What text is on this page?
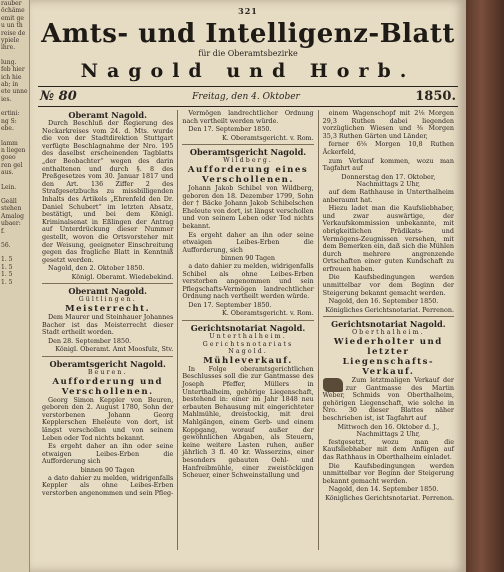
rauber
öchäme
emit ge
u un th
reise de
ypiele
ihre.
lung.
feb hier
ich hie
ab; in
ete unne
ies.
ertini:
ng S:
ebe.
lamm
n liegen
goeo
ren gel
aus.
Lein.
Geäll
stehen
Amalog
ubaer:
f.
56.
1. 5
1. 5
1. 5
1. 5
321
Amts- und Intelligenz-Blatt
für die Oberamtsbezirke
Nagold und Horb.
№ 80	Freitag, den 4. Oktober	1850.
Oberamt Nagold.

Durch Beschluß der Regierung des Neckarkreises vom 24. d. Mts. wurde die von der Stadtdirektion Stuttgart verfügte Beschlagnahme der Nro. 195 des daselbst erscheinenden Tagblatts „der Beobachter“ wegen des darin enthaltenen und durch §. 8 des Preßgesetzes vom 30. Januar 1817 und den Art. 136 Ziffer 2 des Strafgesetzbuchs zu missbilligenden Inhalts des Artikels „Ehrenfeld den Dr. Daniel Schubert“ im letzten Absatz, bestätigt, und bei dem Königl. Kriminalsenat in Eßlingen der Antrag auf Unterdrückung dieser Nummer gestellt, wovon die Ortsvorsteher mit der Weisung, geeigneter Einschreitung gegen das fragliche Blatt in Kenntniß gesetzt werden.

Nagold, den 2. Oktober 1850.

Königl. Oberamt. Wiedebekind.
Oberamt Nagold.
Gültlingen.
Meisterrecht.

Dem Maurer und Steinhauer Johannes Bacher ist das Meisterrecht dieser Stadt ertheilt worden.

Den 28. September 1850.

Königl. Oberamt. Amt Moosfulz, Stv.
Oberamtsgericht Nagold.
Beuren.
Aufforderung und Verschollenen.

Georg Simon Keppler von Beuren, geboren den 2. August 1780, Sohn der verstorbenen Johann Georg Kepplerschen Eheleute von dort, ist längst verschollen und von seinem Leben oder Tod nichts bekannt.

Es ergeht daher an ihn oder seine etwaigen Leibes-Erben die Aufforderung sich

binnen 90 Tagen

a dato dahier zu melden, widrigenfalls Keppler als ohne Leibes-Erben verstorben angenommen und sein Pfleg-

Vermögen landrechtlicher Ordnung nach vertheilt werden würde.

Den 17. September 1850.

K. Oberamtsgericht. v. Rom.
Oberamtsgericht Nagold.
Wildberg.
Aufforderung eines Verschollenen.

Johann Jakob Schibel von Wildberg, geboren den 18. Dezember 1799, Sohn der † Bäcke Johann Jakob Schibelschen Eheleute von dort, ist längst verschollen und von seinem Leben oder Tod nichts bekannt.

Es ergeht daher an ihn oder seine etwaigen Leibes-Erben die Aufforderung, sich

binnen 90 Tagen

a dato dahier zu melden, widrigenfalls Schibel als ohne Leibes-Erben verstorben angenommen und sein Pflegschafts-Vermögen landrechtlicher Ordnung nach vertheilt werden würde.

Den 17. September 1850.

K. Oberamtsgericht. v. Rom.
Gerichtsnotariat Nagold.
Unterthalheim. Gerichtsnotariats Nagold.
Mühleverkauf.

In Folge oberamtsgerichtlichen Beschlusses soll die zur Gantmasse des Joseph Pfeffer, Müllers in Unterthalheim, gehörige Liegenschaft, bestehend in: einer im Jahr 1848 neu erbauten Behausung mit eingerichteter Mahlmühle, dreistockig, mit drei Mahlgängen, einem Gerb- und einem Koppgang, worauf außer der gewöhnlichen Abgaben, als Steuern, keine weitere Lasten ruhen, außer jährlich 3 fl. 40 kr. Wasserzins, einer besonders gebauten Oehl- und Hanfreibmühle, einer zweistöckigen Scheuer, einer Schweinstallung und

einem Wagenschopf mit 2⅛ Morgen 29,3 Ruthen dabei liegenden vorzüglichen Wiesen und ⅜ Morgen 35,3 Ruthen Gärten und Länder,

ferner 6⅛ Morgen 10,8 Ruthen Äckerfeld,

zum Verkauf kommen, wozu man Tagfahrt auf

Donnerstag den 17. Oktober, Nachmittags 2 Uhr,

auf dem Rathhause in Unterthalheim anberaumt hat.

Hiezu ladet man die Kaufsliebhaber, und zwar auswärtige, der Verkaufskommission unbekannte, mit obrigkeitlichen Prädikats- und Vermögens-Zeugnissen versehen, mit dem Bemerken ein, daß sich die Mühlen durch mehrere angrenzende Ortschaften einer guten Kundschaft zu erfreuen haben.

Die Kaufsbedingungen werden unmittelbar vor dem Beginn der Steigerung bekannt gemacht werden.

Nagold, den 16. September 1850.

Königliches Gerichtsnotariat. Perrenon.
Gerichtsnotariat Nagold.
Oberthalheim.
Wiederholter und letzter Liegenschafts-Verkauf.

Zum letztmaligen Verkauf der zur Gantmasse des Martin Weber, Schmids von Oberthalheim, gehörigen Liegenschaft, wie solche in Nro. 30 dieser Blattes näher beschrieben ist, ist Tagfahrt auf

Mittwoch den 16. Oktober d. J., Nachmittags 2 Uhr,

festgesetzt, wozu man die Kaufsliebhaber mit dem Anfügen auf das Rathhaus in Oberthalheim einladet.

Die Kaufsbedingungen werden unmittelbar vor Beginn der Steigerung bekannt gemacht werden.

Nagold, den 14. September 1850.

Königliches Gerichtsnotariat. Perrenon.
